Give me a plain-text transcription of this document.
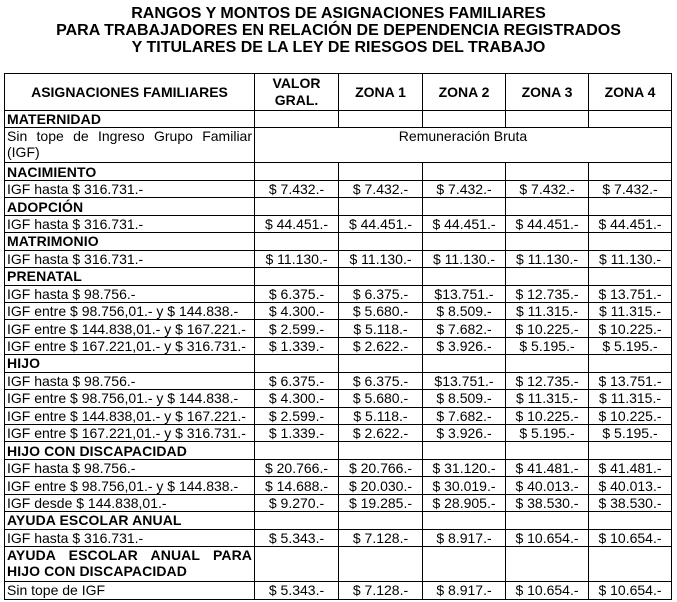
RANGOS Y MONTOS DE ASIGNACIONES FAMILIARES
PARA TRABAJADORES EN RELACIÓN DE DEPENDENCIA REGISTRADOS
Y TITULARES DE LA LEY DE RIESGOS DEL TRABAJO
ASIGNACIONES FAMILIARES	VALOR GRAL.	ZONA 1	ZONA 2	ZONA 3	ZONA 4
MATERNIDAD					
Sin tope de Ingreso Grupo Familiar (IGF)	Remuneración Bruta				
NACIMIENTO					
IGF hasta $ 316.731.-	$ 7.432.-	$ 7.432.-	$ 7.432.-	$ 7.432.-	$ 7.432.-
ADOPCIÓN					
IGF hasta $ 316.731.-	$ 44.451.-	$ 44.451.-	$ 44.451.-	$ 44.451.-	$ 44.451.-
MATRIMONIO					
IGF hasta $ 316.731.-	$ 11.130.-	$ 11.130.-	$ 11.130.-	$ 11.130.-	$ 11.130.-
PRENATAL					
IGF hasta $ 98.756.-	$ 6.375.-	$ 6.375.-	$13.751.-	$ 12.735.-	$ 13.751.-
IGF entre $ 98.756,01.- y $ 144.838.-	$ 4.300.-	$ 5.680.-	$ 8.509.-	$ 11.315.-	$ 11.315.-
IGF entre $ 144.838,01.- y $ 167.221.-	$ 2.599.-	$ 5.118.-	$ 7.682.-	$ 10.225.-	$ 10.225.-
IGF entre $ 167.221,01.- y $ 316.731.-	$ 1.339.-	$ 2.622.-	$ 3.926.-	$ 5.195.-	$ 5.195.-
HIJO					
IGF hasta $ 98.756.-	$ 6.375.-	$ 6.375.-	$13.751.-	$ 12.735.-	$ 13.751.-
IGF entre $ 98.756,01.- y $ 144.838.-	$ 4.300.-	$ 5.680.-	$ 8.509.-	$ 11.315.-	$ 11.315.-
IGF entre $ 144.838,01.- y $ 167.221.-	$ 2.599.-	$ 5.118.-	$ 7.682.-	$ 10.225.-	$ 10.225.-
IGF entre $ 167.221,01.- y $ 316.731.-	$ 1.339.-	$ 2.622.-	$ 3.926.-	$ 5.195.-	$ 5.195.-
HIJO CON DISCAPACIDAD					
IGF hasta $ 98.756.-	$ 20.766.-	$ 20.766.-	$ 31.120.-	$ 41.481.-	$ 41.481.-
IGF entre $ 98.756,01.- y $ 144.838.-	$ 14.688.-	$ 20.030.-	$ 30.019.-	$ 40.013.-	$ 40.013.-
IGF desde $ 144.838,01.-	$ 9.270.-	$ 19.285.-	$ 28.905.-	$ 38.530.-	$ 38.530.-
AYUDA ESCOLAR ANUAL					
IGF hasta $ 316.731.-	$ 5.343.-	$ 7.128.-	$ 8.917.-	$ 10.654.-	$ 10.654.-
AYUDA ESCOLAR ANUAL PARA HIJO CON DISCAPACIDAD					
Sin tope de IGF	$ 5.343.-	$ 7.128.-	$ 8.917.-	$ 10.654.-	$ 10.654.-
